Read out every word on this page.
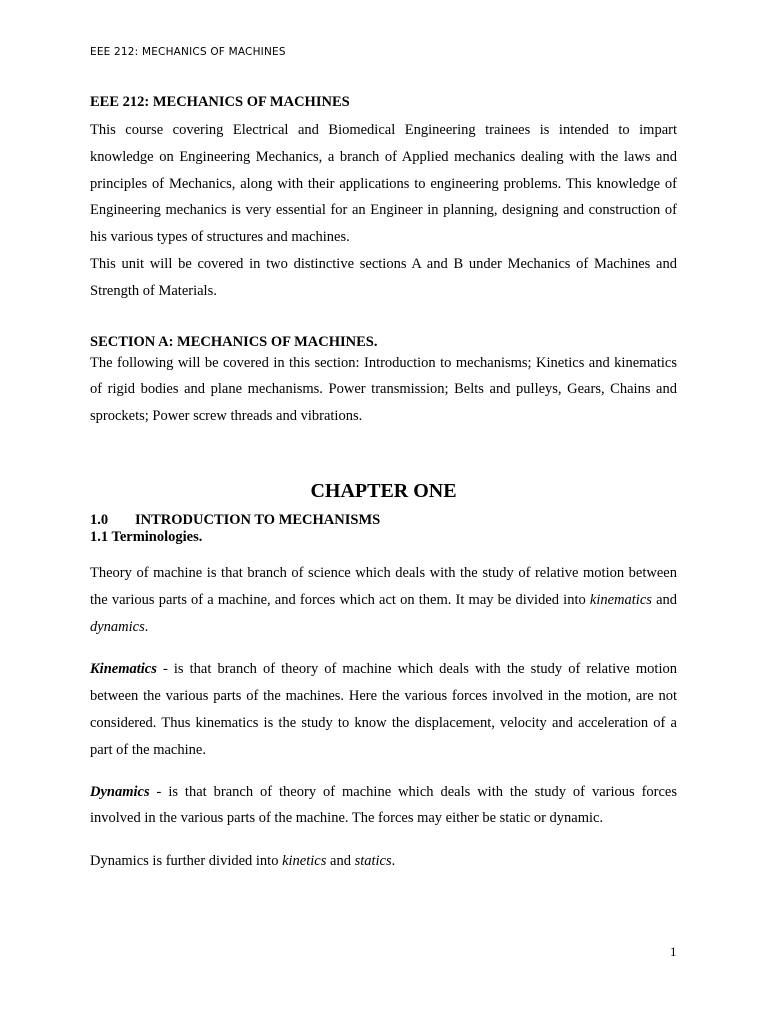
EEE 212: MECHANICS OF MACHINES

EEE 212: MECHANICS OF MACHINES

This course covering Electrical and Biomedical Engineering trainees is intended to impart knowledge on Engineering Mechanics, a branch of Applied mechanics dealing with the laws and principles of Mechanics, along with their applications to engineering problems. This knowledge of Engineering mechanics is very essential for an Engineer in planning, designing and construction of his various types of structures and machines.

This unit will be covered in two distinctive sections A and B under Mechanics of Machines and Strength of Materials.

SECTION A: MECHANICS OF MACHINES.

The following will be covered in this section: Introduction to mechanisms; Kinetics and kinematics of rigid bodies and plane mechanisms. Power transmission; Belts and pulleys, Gears, Chains and sprockets; Power screw threads and vibrations.

CHAPTER ONE

1.0 INTRODUCTION TO MECHANISMS

1.1 Terminologies.

Theory of machine is that branch of science which deals with the study of relative motion between the various parts of a machine, and forces which act on them. It may be divided into kinematics and dynamics.

Kinematics - is that branch of theory of machine which deals with the study of relative motion between the various parts of the machines. Here the various forces involved in the motion, are not considered. Thus kinematics is the study to know the displacement, velocity and acceleration of a part of the machine.

Dynamics - is that branch of theory of machine which deals with the study of various forces involved in the various parts of the machine. The forces may either be static or dynamic.

Dynamics is further divided into kinetics and statics.

1
